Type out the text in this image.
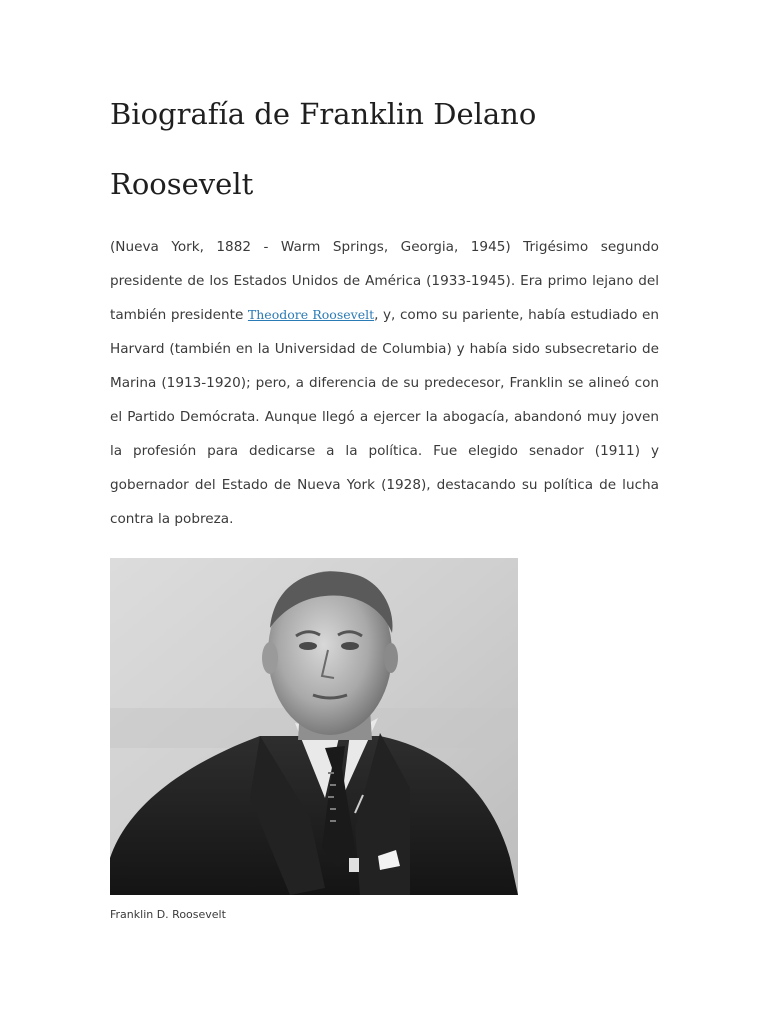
Biografía de Franklin Delano Roosevelt

(Nueva York, 1882 - Warm Springs, Georgia, 1945) Trigésimo segundo presidente de los Estados Unidos de América (1933-1945). Era primo lejano del también presidente Theodore Roosevelt, y, como su pariente, había estudiado en Harvard (también en la Universidad de Columbia) y había sido subsecretario de Marina (1913-1920); pero, a diferencia de su predecesor, Franklin se alineó con el Partido Demócrata. Aunque llegó a ejercer la abogacía, abandonó muy joven la profesión para dedicarse a la política. Fue elegido senador (1911) y gobernador del Estado de Nueva York (1928), destacando su política de lucha contra la pobreza.

Franklin D. Roosevelt
